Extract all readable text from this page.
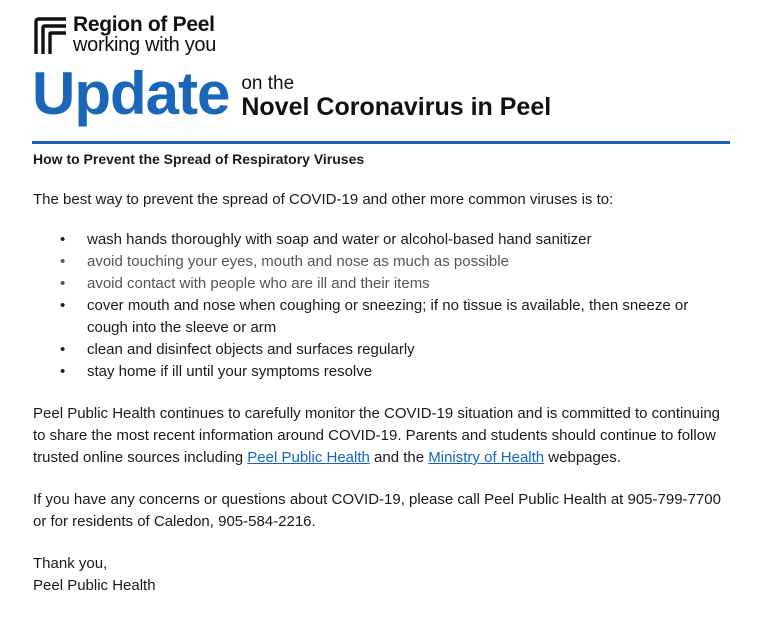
Region of Peel
working with you
Update on the
Novel Coronavirus in Peel

How to Prevent the Spread of Respiratory Viruses

The best way to prevent the spread of COVID-19 and other more common viruses is to:

• wash hands thoroughly with soap and water or alcohol-based hand sanitizer
• avoid touching your eyes, mouth and nose as much as possible
• avoid contact with people who are ill and their items
• cover mouth and nose when coughing or sneezing; if no tissue is available, then sneeze or cough into the sleeve or arm
• clean and disinfect objects and surfaces regularly
• stay home if ill until your symptoms resolve

Peel Public Health continues to carefully monitor the COVID-19 situation and is committed to continuing to share the most recent information around COVID-19. Parents and students should continue to follow trusted online sources including Peel Public Health and the Ministry of Health webpages.

If you have any concerns or questions about COVID-19, please call Peel Public Health at 905-799-7700 or for residents of Caledon, 905-584-2216.

Thank you,
Peel Public Health
